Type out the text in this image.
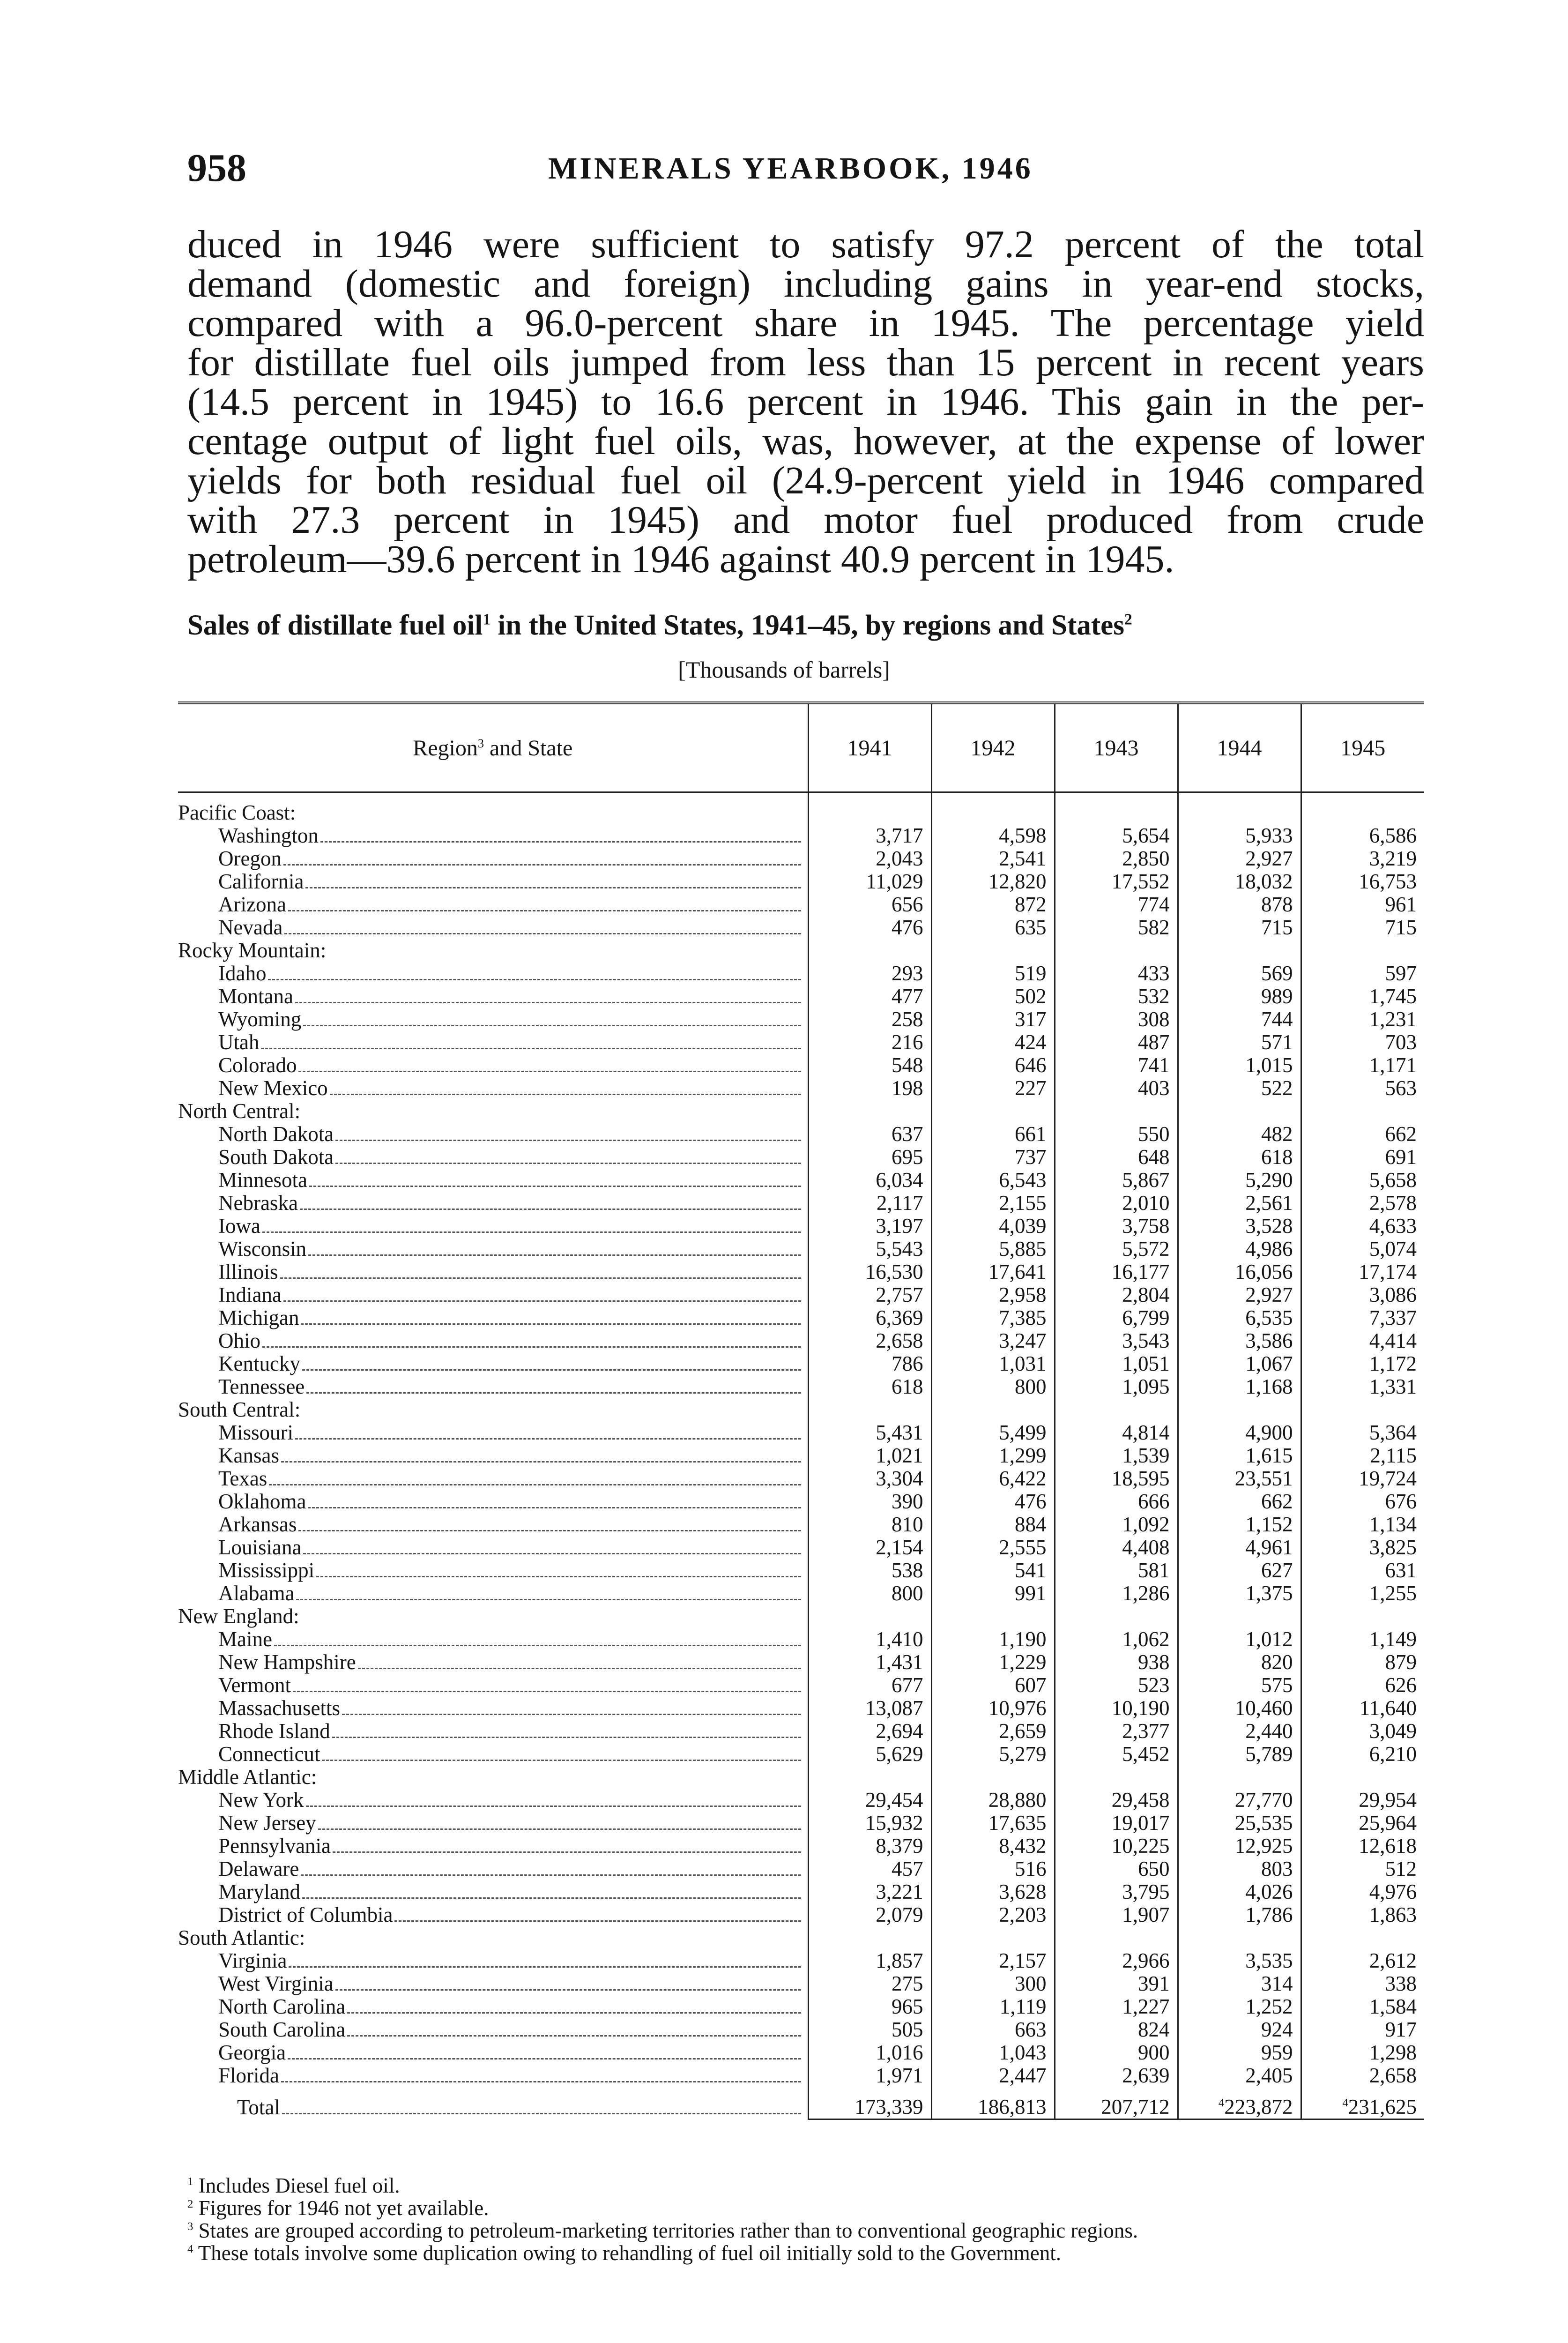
958	MINERALS YEARBOOK, 1946
duced in 1946 were sufficient to satisfy 97.2 percent of the total
demand (domestic and foreign) including gains in year-end stocks,
compared with a 96.0-percent share in 1945. The percentage yield
for distillate fuel oils jumped from less than 15 percent in recent years
(14.5 percent in 1945) to 16.6 percent in 1946. This gain in the per-
centage output of light fuel oils, was, however, at the expense of lower
yields for both residual fuel oil (24.9-percent yield in 1946 compared
with 27.3 percent in 1945) and motor fuel produced from crude
petroleum—39.6 percent in 1946 against 40.9 percent in 1945.
Sales of distillate fuel oil$^1$ in the United States, 1941–45, by regions and States$^2$
[Thousands of barrels]
Region$^3$ and State	1941	1942	1943	1944	1945

Pacific Coast:					

Washington	3,717	4,598	5,654	5,933	6,586

Oregon	2,043	2,541	2,850	2,927	3,219

California	11,029	12,820	17,552	18,032	16,753

Arizona	656	872	774	878	961

Nevada	476	635	582	715	715

Rocky Mountain:					

Idaho	293	519	433	569	597

Montana	477	502	532	989	1,745

Wyoming	258	317	308	744	1,231

Utah	216	424	487	571	703

Colorado	548	646	741	1,015	1,171

New Mexico	198	227	403	522	563

North Central:					

North Dakota	637	661	550	482	662

South Dakota	695	737	648	618	691

Minnesota	6,034	6,543	5,867	5,290	5,658

Nebraska	2,117	2,155	2,010	2,561	2,578

Iowa	3,197	4,039	3,758	3,528	4,633

Wisconsin	5,543	5,885	5,572	4,986	5,074

Illinois	16,530	17,641	16,177	16,056	17,174

Indiana	2,757	2,958	2,804	2,927	3,086

Michigan	6,369	7,385	6,799	6,535	7,337

Ohio	2,658	3,247	3,543	3,586	4,414

Kentucky	786	1,031	1,051	1,067	1,172

Tennessee	618	800	1,095	1,168	1,331

South Central:					

Missouri	5,431	5,499	4,814	4,900	5,364

Kansas	1,021	1,299	1,539	1,615	2,115

Texas	3,304	6,422	18,595	23,551	19,724

Oklahoma	390	476	666	662	676

Arkansas	810	884	1,092	1,152	1,134

Louisiana	2,154	2,555	4,408	4,961	3,825

Mississippi	538	541	581	627	631

Alabama	800	991	1,286	1,375	1,255

New England:					

Maine	1,410	1,190	1,062	1,012	1,149

New Hampshire	1,431	1,229	938	820	879

Vermont	677	607	523	575	626

Massachusetts	13,087	10,976	10,190	10,460	11,640

Rhode Island	2,694	2,659	2,377	2,440	3,049

Connecticut	5,629	5,279	5,452	5,789	6,210

Middle Atlantic:					

New York	29,454	28,880	29,458	27,770	29,954

New Jersey	15,932	17,635	19,017	25,535	25,964

Pennsylvania	8,379	8,432	10,225	12,925	12,618

Delaware	457	516	650	803	512

Maryland	3,221	3,628	3,795	4,026	4,976

District of Columbia	2,079	2,203	1,907	1,786	1,863

South Atlantic:					

Virginia	1,857	2,157	2,966	3,535	2,612

West Virginia	275	300	391	314	338

North Carolina	965	1,119	1,227	1,252	1,584

South Carolina	505	663	824	924	917

Georgia	1,016	1,043	900	959	1,298

Florida	1,971	2,447	2,639	2,405	2,658

Total	173,339	186,813	207,712	$^4$223,872	$^4$231,625
$^1$ Includes Diesel fuel oil.
$^2$ Figures for 1946 not yet available.
$^3$ States are grouped according to petroleum-marketing territories rather than to conventional geographic regions.
$^4$ These totals involve some duplication owing to rehandling of fuel oil initially sold to the Government.
